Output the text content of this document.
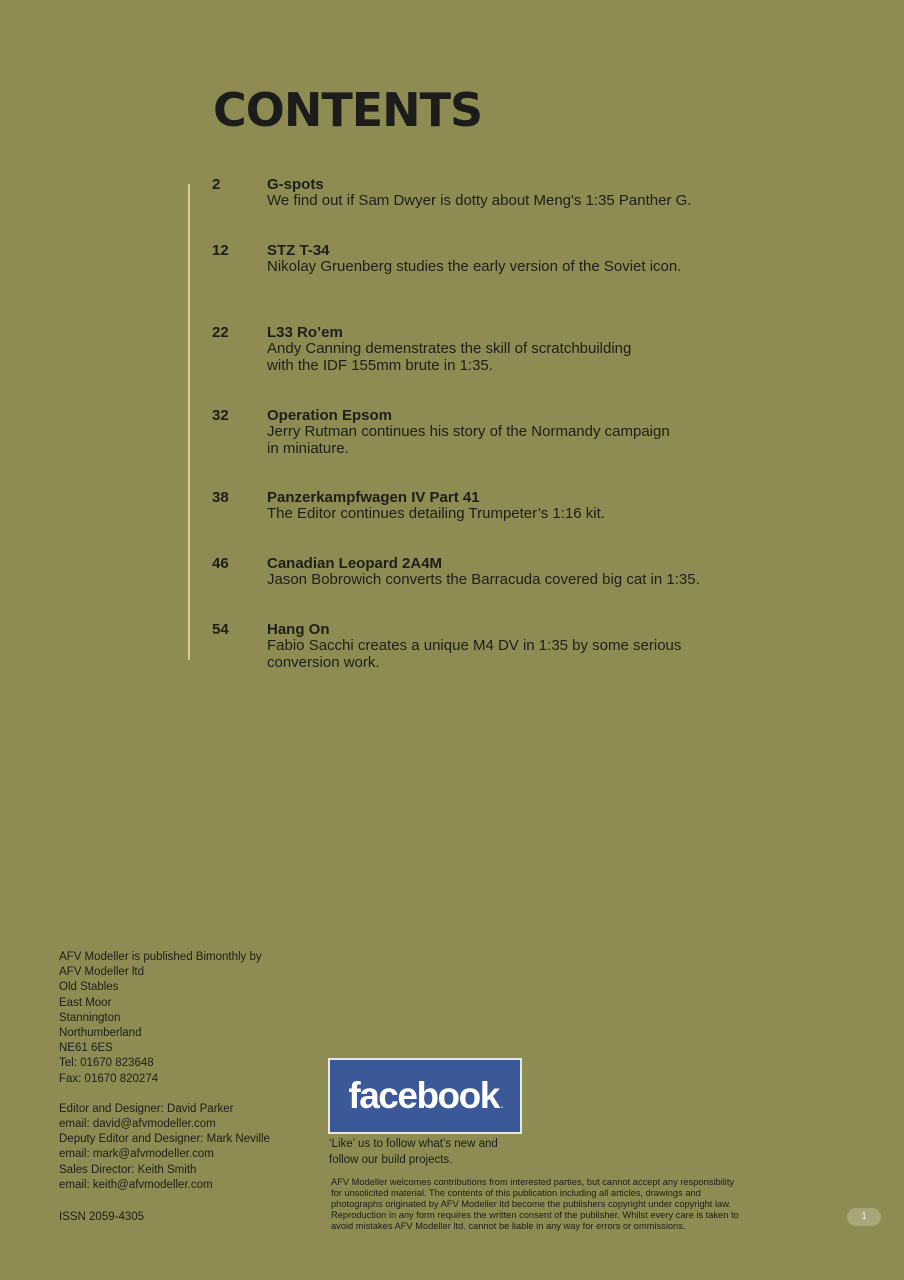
CONTENTS
2	G-spots
We find out if Sam Dwyer is dotty about Meng's 1:35 Panther G.
12	STZ T-34
Nikolay Gruenberg studies the early version of the Soviet icon.
22	L33 Ro’em
Andy Canning demenstrates the skill of scratchbuilding
with the IDF 155mm brute in 1:35.
32	Operation Epsom
Jerry Rutman continues his story of the Normandy campaign
in miniature.
38	Panzerkampfwagen IV Part 41
The Editor continues detailing Trumpeter’s 1:16 kit.
46	Canadian Leopard 2A4M
Jason Bobrowich converts the Barracuda covered big cat in 1:35.
54	Hang On
Fabio Sacchi creates a unique M4 DV in 1:35 by some serious
conversion work.
AFV Modeller is published Bimonthly by
AFV Modeller ltd
Old Stables
East Moor
Stannington
Northumberland
NE61 6ES
Tel: 01670 823648
Fax: 01670 820274
Editor and Designer: David Parker
email: david@afvmodeller.com
Deputy Editor and Designer: Mark Neville
email: mark@afvmodeller.com
Sales Director: Keith Smith
email: keith@afvmodeller.com
ISSN 2059-4305
facebook .
‘Like’ us to follow what’s new and
follow our build projects.
AFV Modeller welcomes contributions from interested parties, but cannot accept any responsibility
for unsolicited material. The contents of this publication including all articles, drawings and
photographs originated by AFV Modeller ltd become the publishers copyright under copyright law.
Reproduction in any form requires the written consent of the publisher. Whilst every care is taken to
avoid mistakes AFV Modeller ltd. cannot be liable in any way for errors or ommissions.
1
